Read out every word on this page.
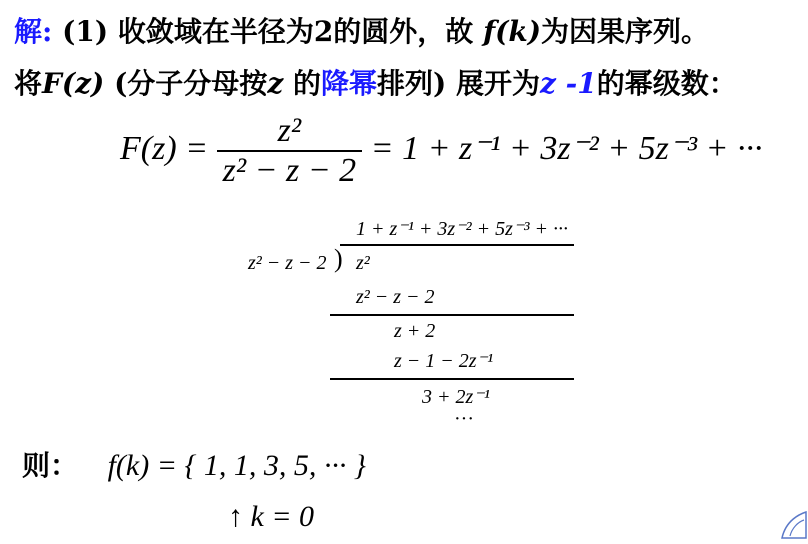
解: (1) 收敛域在半径为2的圆外，故 f(k)为因果序列。
将F(z) (分子分母按z 的降幂排列) 展开为z -1的幂级数：
$F(z) = \frac{\text{z²}}{\text{z² − z − 2}} = 1 + z^{-1} + 3z^{-2} + 5z^{-3}$ + ···
1 + z⁻¹ + 3z⁻² + 5z⁻³ + ···
z² − z − 2 ) z²
z² − z − 2
z + 2
z − 1 − 2z⁻¹
3 + 2z⁻¹
···
则： f(k) = { 1, 1, 3, 5, ··· }
↑ k = 0
